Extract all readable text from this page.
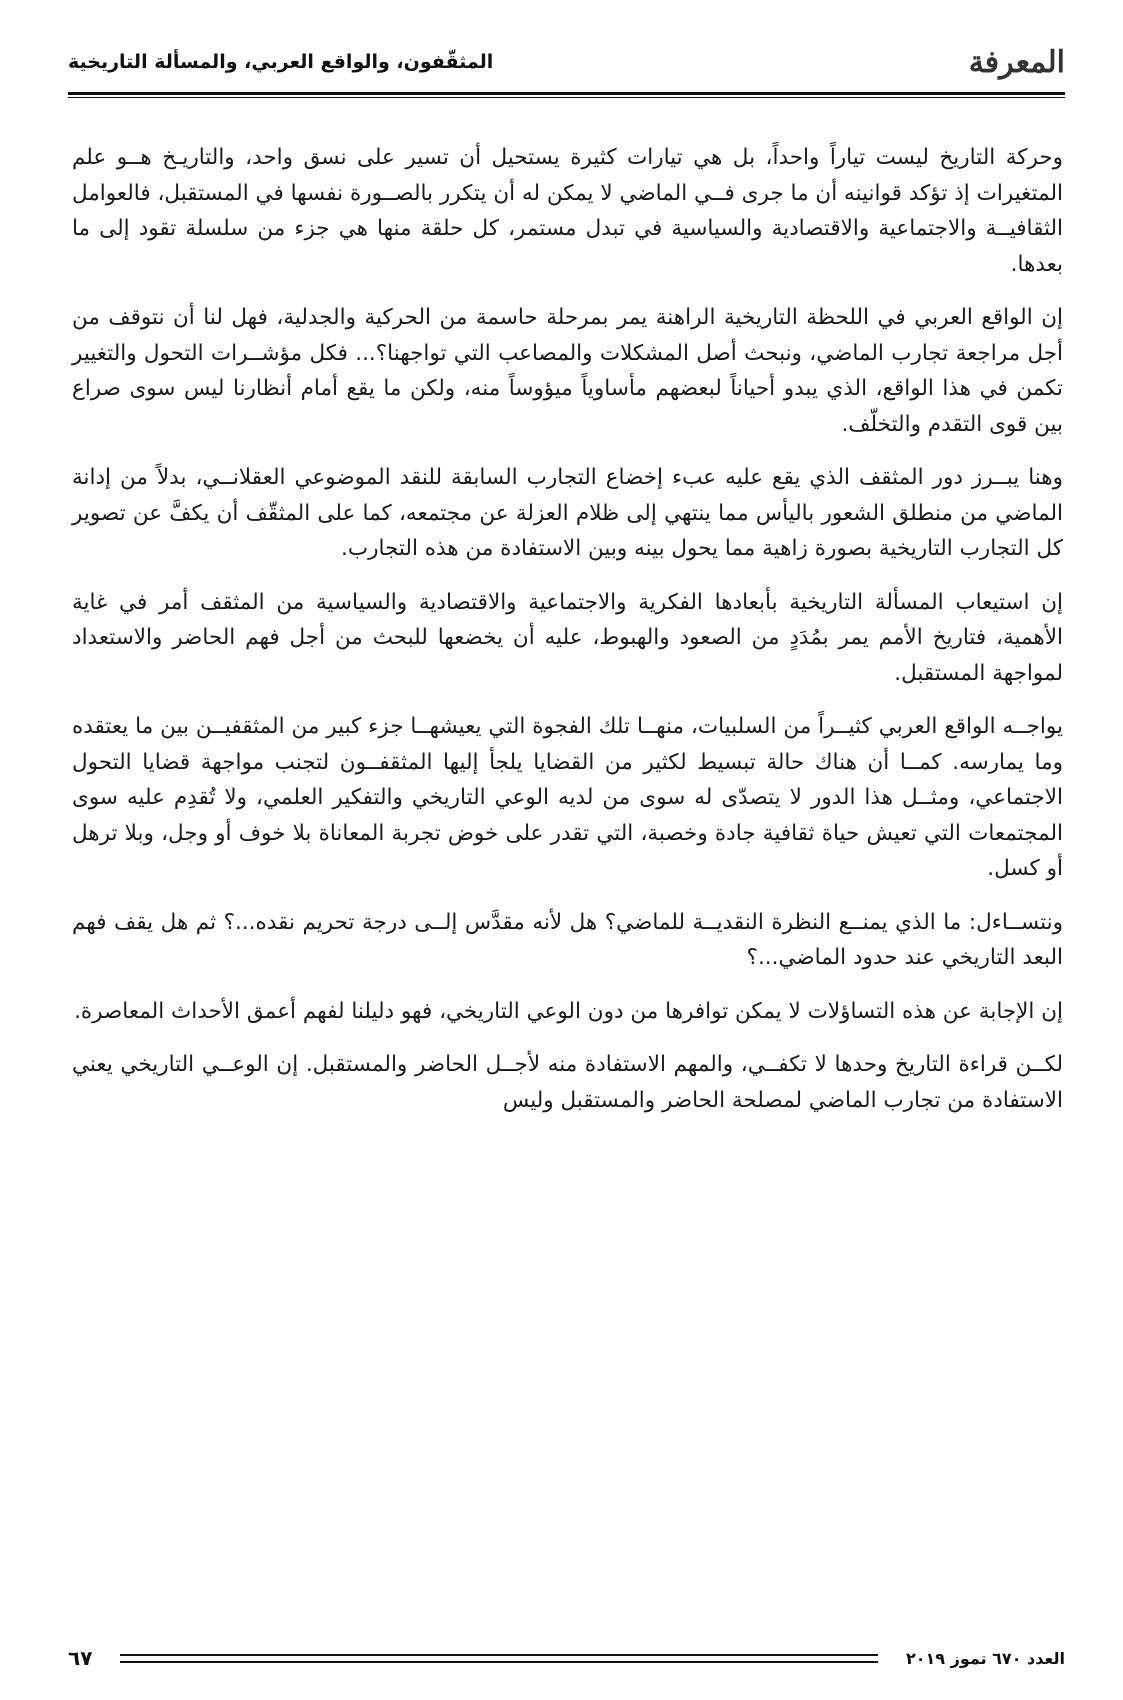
المعرفة
المثقّفون، والواقع العربي، والمسألة التاريخية

وحركة التاريخ ليست تياراً واحداً، بل هي تيارات كثيرة يستحيل أن تسير على نسق واحد، والتاريـخ هــو علم المتغيرات إذ تؤكد قوانينه أن ما جرى فــي الماضي لا يمكن له أن يتكرر بالصــورة نفسها في المستقبل، فالعوامل الثقافيــة والاجتماعية والاقتصادية والسياسية في تبدل مستمر، كل حلقة منها هي جزء من سلسلة تقود إلى ما بعدها.

إن الواقع العربي في اللحظة التاريخية الراهنة يمر بمرحلة حاسمة من الحركية والجدلية، فهل لنا أن نتوقف من أجل مراجعة تجارب الماضي، ونبحث أصل المشكلات والمصاعب التي تواجهنا؟... فكل مؤشــرات التحول والتغيير تكمن في هذا الواقع، الذي يبدو أحياناً لبعضهم مأساوياً ميؤوساً منه، ولكن ما يقع أمام أنظارنا ليس سوى صراع بين قوى التقدم والتخلّف.

وهنا يبــرز دور المثقف الذي يقع عليه عبء إخضاع التجارب السابقة للنقد الموضوعي العقلانــي، بدلاً من إدانة الماضي من منطلق الشعور باليأس مما ينتهي إلى ظلام العزلة عن مجتمعه، كما على المثقّف أن يكفَّ عن تصوير كل التجارب التاريخية بصورة زاهية مما يحول بينه وبين الاستفادة من هذه التجارب.

إن استيعاب المسألة التاريخية بأبعادها الفكرية والاجتماعية والاقتصادية والسياسية من المثقف أمر في غاية الأهمية، فتاريخ الأمم يمر بمُدَدٍ من الصعود والهبوط، عليه أن يخضعها للبحث من أجل فهم الحاضر والاستعداد لمواجهة المستقبل.

يواجــه الواقع العربي كثيــراً من السلبيات، منهــا تلك الفجوة التي يعيشهــا جزء كبير من المثقفيــن بين ما يعتقده وما يمارسه. كمــا أن هناك حالة تبسيط لكثير من القضايا يلجأ إليها المثقفــون لتجنب مواجهة قضايا التحول الاجتماعي، ومثــل هذا الدور لا يتصدّى له سوى من لديه الوعي التاريخي والتفكير العلمي، ولا تُقدِم عليه سوى المجتمعات التي تعيش حياة ثقافية جادة وخصبة، التي تقدر على خوض تجربة المعاناة بلا خوف أو وجل، وبلا ترهل أو كسل.

ونتســاءل: ما الذي يمنــع النظرة النقديــة للماضي؟ هل لأنه مقدَّس إلــى درجة تحريم نقده...؟ ثم هل يقف فهم البعد التاريخي عند حدود الماضي...؟

إن الإجابة عن هذه التساؤلات لا يمكن توافرها من دون الوعي التاريخي، فهو دليلنا لفهم أعمق الأحداث المعاصرة.

لكــن قراءة التاريخ وحدها لا تكفــي، والمهم الاستفادة منه لأجــل الحاضر والمستقبل. إن الوعــي التاريخي يعني الاستفادة من تجارب الماضي لمصلحة الحاضر والمستقبل وليس

العدد ٦٧٠ تموز ٢٠١٩
٦٧
